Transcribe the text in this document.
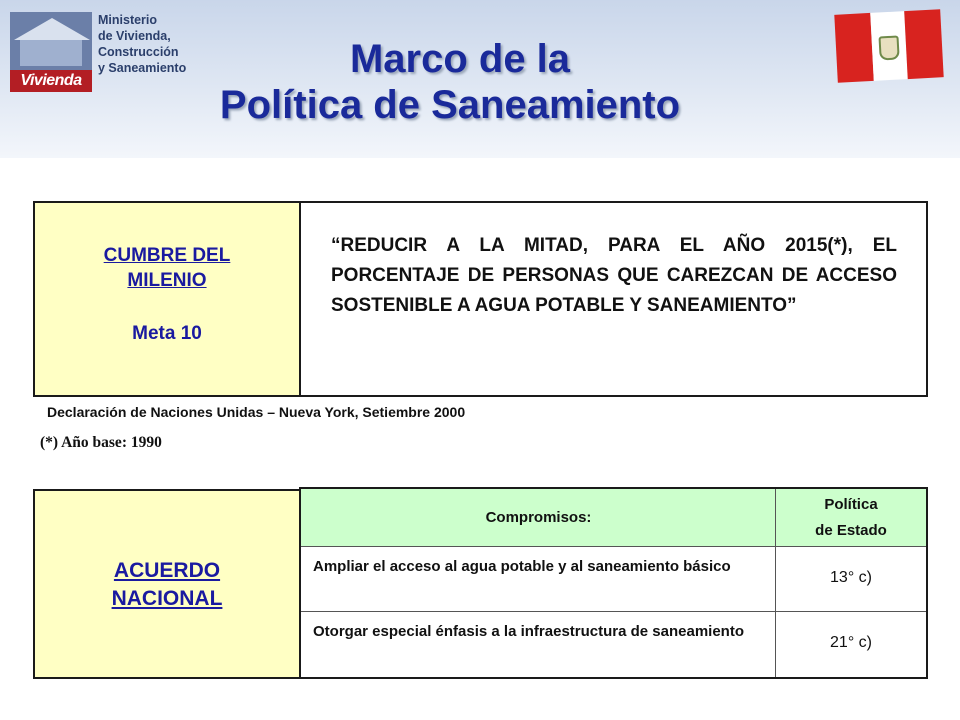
Vivienda
Ministerio
de Vivienda,
Construcción
y Saneamiento	Marco de la
Política de Saneamiento
CUMBRE DEL
MILENIO
Meta 10
“REDUCIR A LA MITAD, PARA EL AÑO 2015(*), EL PORCENTAJE DE PERSONAS QUE CAREZCAN DE ACCESO SOSTENIBLE A AGUA POTABLE Y SANEAMIENTO”
Declaración de Naciones Unidas – Nueva York, Setiembre 2000
(*) Año base: 1990
ACUERDO
NACIONAL
Compromisos:
Política
de Estado
Ampliar el acceso al agua potable y al saneamiento básico
13° c)
Otorgar especial énfasis a la infraestructura de saneamiento
21° c)
